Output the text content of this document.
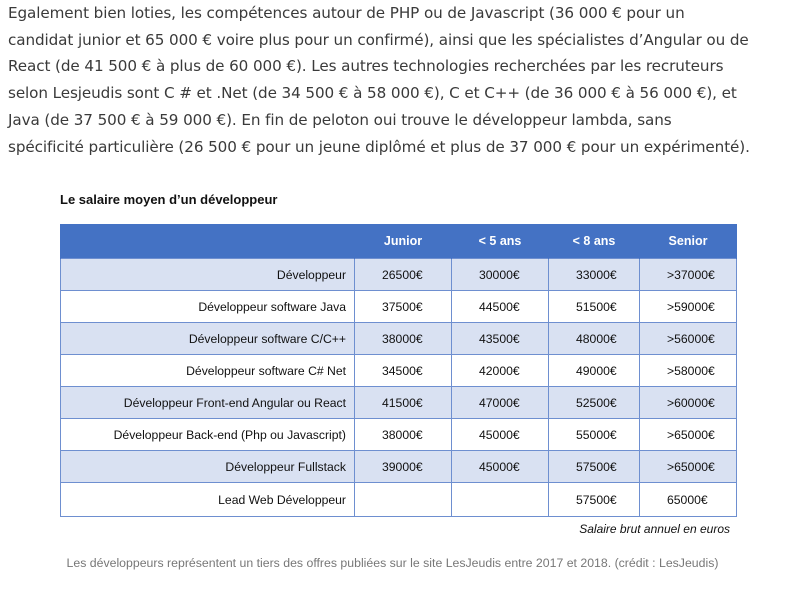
Egalement bien loties, les compétences autour de PHP ou de Javascript (36 000 € pour un

candidat junior et 65 000 € voire plus pour un confirmé), ainsi que les spécialistes d’Angular ou de

React (de 41 500 € à plus de 60 000 €). Les autres technologies recherchées par les recruteurs

selon Lesjeudis sont C # et .Net (de 34 500 € à 58 000 €), C et C++ (de 36 000 € à 56 000 €), et

Java (de 37 500 € à 59 000 €). En fin de peloton oui trouve le développeur lambda, sans

spécificité particulière (26 500 € pour un jeune diplômé et plus de 37 000 € pour un expérimenté).

Le salaire moyen d’un développeur
	Junior	< 5 ans	< 8 ans	Senior
Développeur	26500€	30000€	33000€	>37000€
Développeur software Java	37500€	44500€	51500€	>59000€
Développeur software C/C++	38000€	43500€	48000€	>56000€
Développeur software C# Net	34500€	42000€	49000€	>58000€
Développeur Front-end Angular ou React	41500€	47000€	52500€	>60000€
Développeur Back-end (Php ou Javascript)	38000€	45000€	55000€	>65000€
Développeur Fullstack	39000€	45000€	57500€	>65000€
Lead Web Développeur			57500€	65000€
Salaire brut annuel en euros
Les développeurs représentent un tiers des offres publiées sur le site LesJeudis entre 2017 et 2018. (crédit : LesJeudis)
